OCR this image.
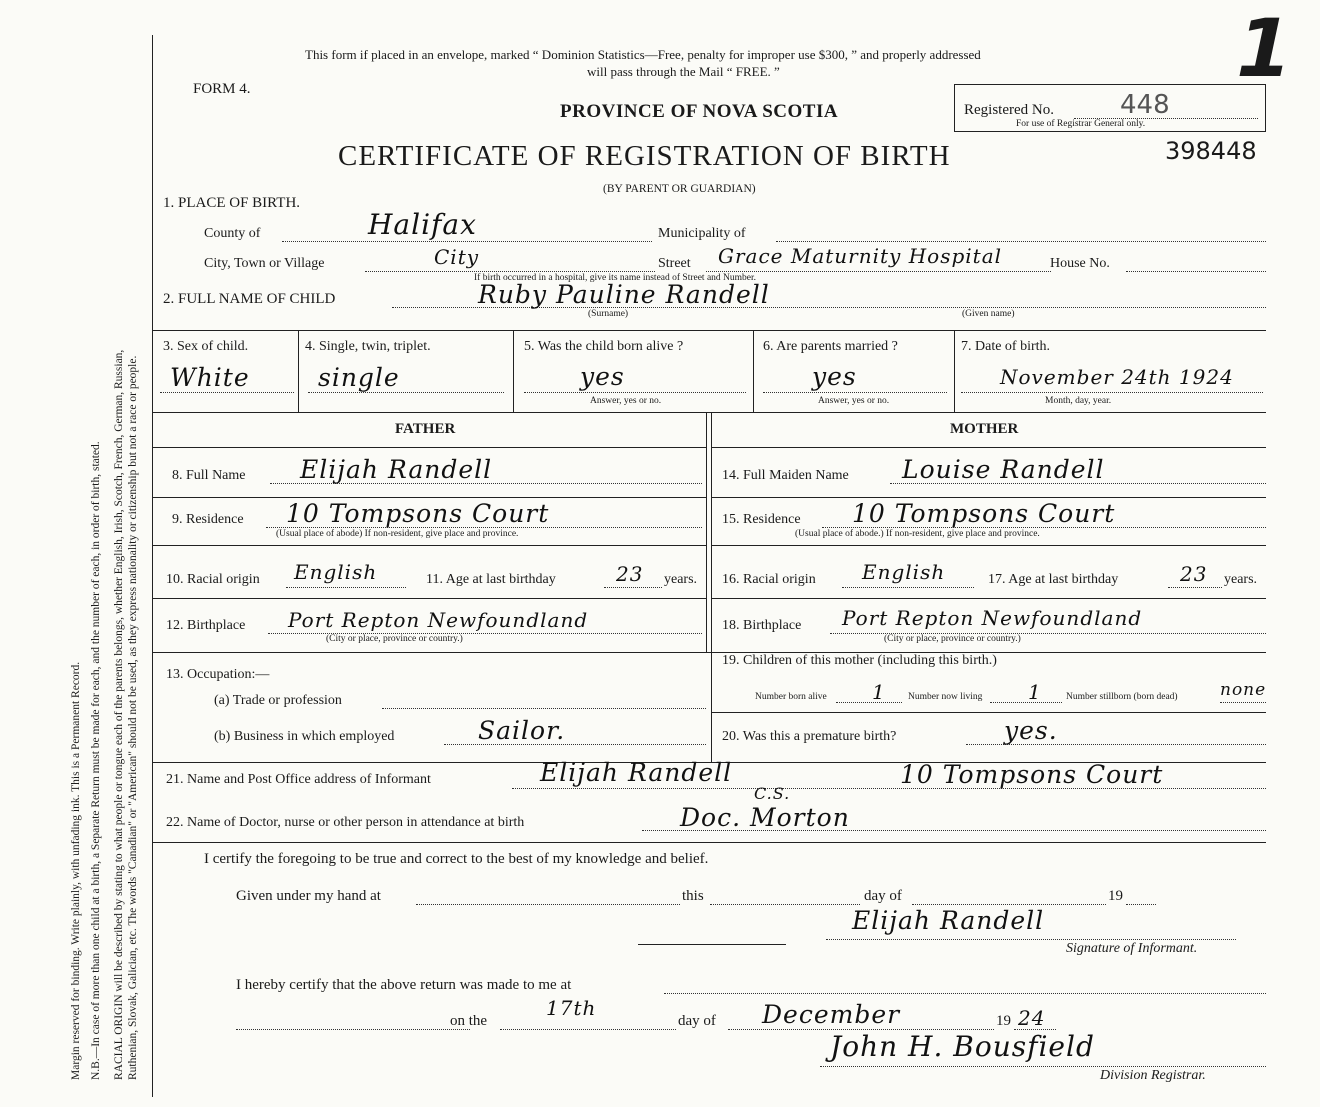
Margin reserved for binding. Write plainly, with unfading ink. This is a Permanent Record. N.B.—In case of more than one child at a birth, a Separate Return must be made for each, and the number of each, in order of birth, stated. RACIAL ORIGIN will be described by stating to what people or tongue each of the parents belongs, whether English, Irish, Scotch, French, German, Russian, Ruthenian, Slovak, Galician, etc. The words "Canadian" or "American" should not be used, as they express nationality or citizenship but not a race or people.
This form if placed in an envelope, marked “ Dominion Statistics—Free, penalty for improper use $300, ” and properly addressed
will pass through the Mail “ FREE. ”
FORM 4.
PROVINCE OF NOVA SCOTIA
CERTIFICATE OF REGISTRATION OF BIRTH
(BY PARENT OR GUARDIAN)
Registered No.	448
For use of Registrar General only.
398448
1
1. PLACE OF BIRTH.
County of	Halifax	Municipality of
City, Town or Village	City	Street Grace Maturnity Hospital	House No.
If birth occurred in a hospital, give its name instead of Street and Number.
2. FULL NAME OF CHILD	Ruby Pauline Randell
(Surname)	(Given name)
3. Sex of child.
White
4. Single, twin, triplet.
single
5. Was the child born alive ?
yes
Answer, yes or no.
6. Are parents married ?
yes
Answer, yes or no.
7. Date of birth.
November 24th 1924
Month, day, year.
FATHER	MOTHER
8. Full Name Elijah Randell
9. Residence 10 Tompsons Court
(Usual place of abode) If non-resident, give place and province.
10. Racial origin English	11. Age at last birthday	23 years.
12. Birthplace Port Repton Newfoundland
(City or place, province or country.)
13. Occupation:—
(a) Trade or profession
(b) Business in which employed	Sailor.
14. Full Maiden Name Louise Randell
15. Residence 10 Tompsons Court
(Usual place of abode.) If non-resident, give place and province.
16. Racial origin English	17. Age at last birthday	23 years.
18. Birthplace Port Repton Newfoundland
(City or place, province or country.)
19. Children of this mother (including this birth.)
Number born alive 1 Number now living 1	Number stillborn (born dead) none
20. Was this a premature birth?	yes.
21. Name and Post Office address of Informant	Elijah Randell	10 Tompsons Court
22. Name of Doctor, nurse or other person in attendance at birth
C.S.
Doc. Morton
I certify the foregoing to be true and correct to the best of my knowledge and belief.
Given under my hand at	this	day of	19
Elijah Randell
Signature of Informant.
I hereby certify that the above return was made to me at
on the
17th
day of December	19 24
John H. Bousfield
Division Registrar.
